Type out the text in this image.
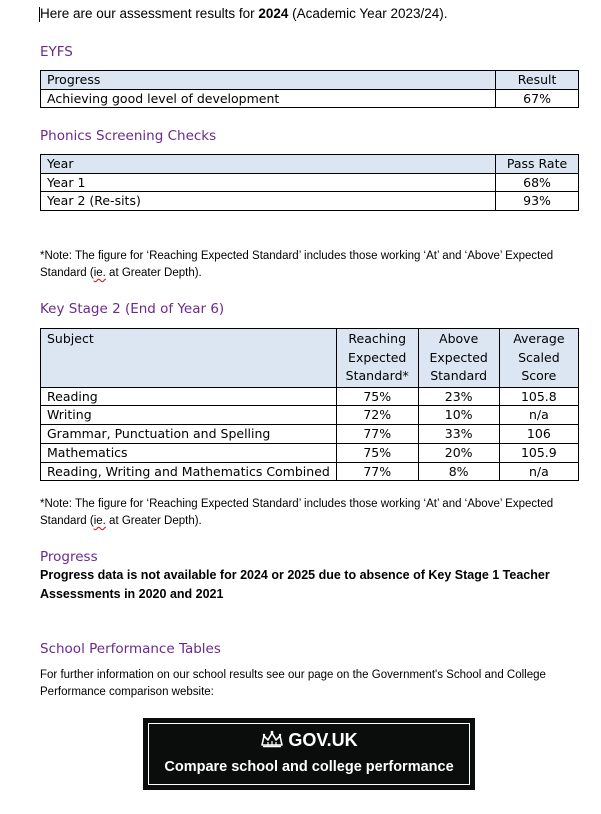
Here are our assessment results for 2024 (Academic Year 2023/24).
EYFS
Progress	Result
Achieving good level of development	67%
Phonics Screening Checks
Year	Pass Rate
Year 1	68%
Year 2 (Re-sits)	93%
*Note: The figure for ‘Reaching Expected Standard’ includes those working ‘At’ and ‘Above’ Expected Standard (ie. at Greater Depth).
Key Stage 2 (End of Year 6)
Subject	Reaching Expected Standard*	Above Expected Standard	Average Scaled Score
Reading	75%	23%	105.8
Writing	72%	10%	n/a
Grammar, Punctuation and Spelling	77%	33%	106
Mathematics	75%	20%	105.9
Reading, Writing and Mathematics Combined	77%	8%	n/a
*Note: The figure for ‘Reaching Expected Standard’ includes those working ‘At’ and ‘Above’ Expected Standard (ie. at Greater Depth).
Progress
Progress data is not available for 2024 or 2025 due to absence of Key Stage 1 Teacher Assessments in 2020 and 2021
School Performance Tables
For further information on our school results see our page on the Government's School and College Performance comparison website:
GOV.UK
Compare school and college performance
